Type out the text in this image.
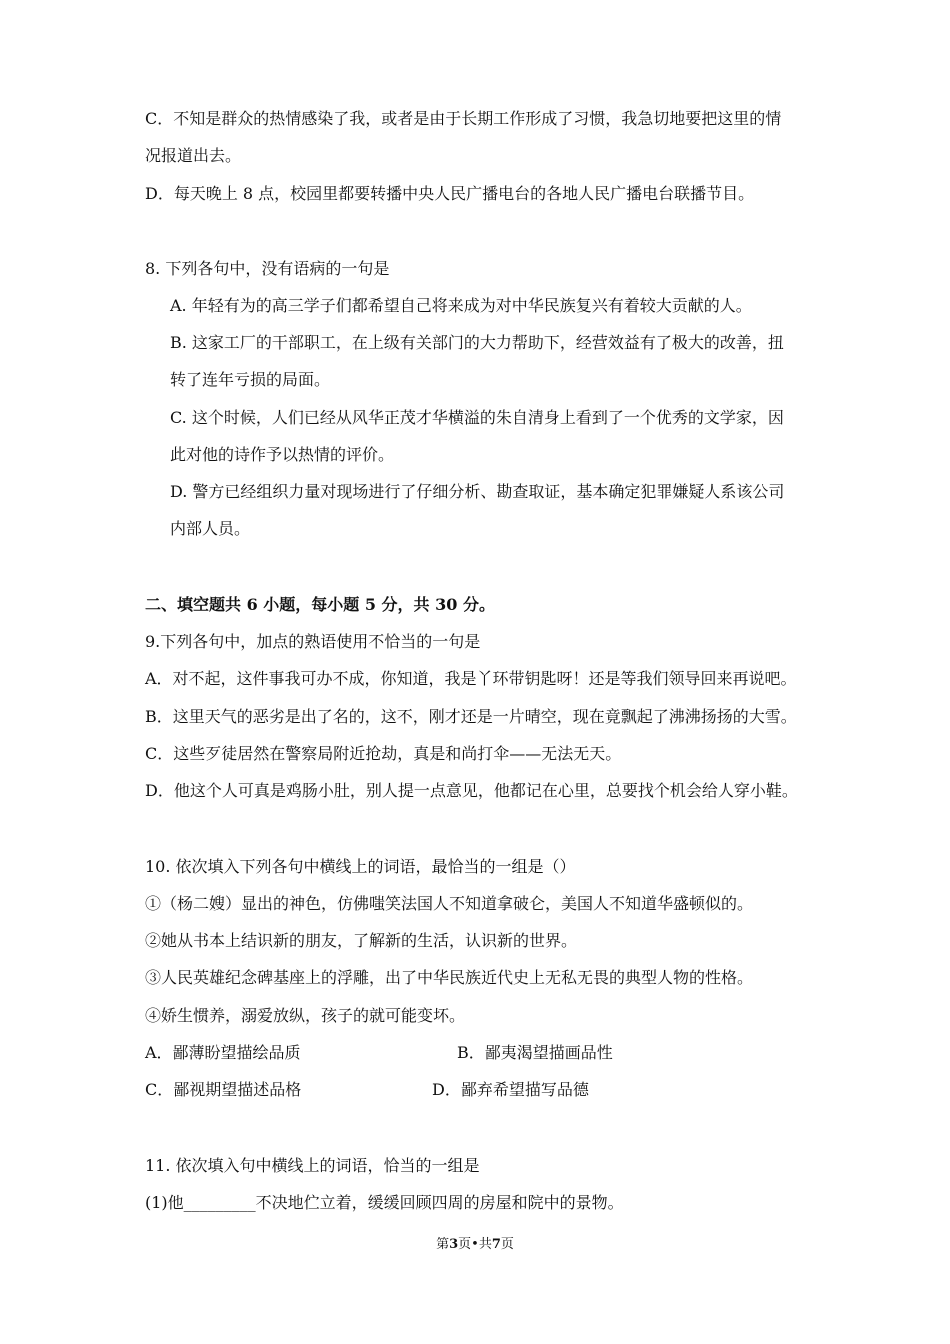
C．不知是群众的热情感染了我，或者是由于长期工作形成了习惯，我急切地要把这里的情
况报道出去。
D．每天晚上 8 点，校园里都要转播中央人民广播电台的各地人民广播电台联播节目。
8. 下列各句中，没有语病的一句是
A. 年轻有为的高三学子们都希望自己将来成为对中华民族复兴有着较大贡献的人。
B. 这家工厂的干部职工，在上级有关部门的大力帮助下，经营效益有了极大的改善，扭
转了连年亏损的局面。
C. 这个时候，人们已经从风华正茂才华横溢的朱自清身上看到了一个优秀的文学家，因
此对他的诗作予以热情的评价。
D. 警方已经组织力量对现场进行了仔细分析、勘查取证，基本确定犯罪嫌疑人系该公司
内部人员。
二、填空题共 6 小题，每小题 5 分，共 30 分。
9.下列各句中，加点的熟语使用不恰当的一句是
A．对不起，这件事我可办不成，你知道，我是丫环带钥匙呀！还是等我们领导回来再说吧。
B．这里天气的恶劣是出了名的，这不，刚才还是一片晴空，现在竟飘起了沸沸扬扬的大雪。
C．这些歹徒居然在警察局附近抢劫，真是和尚打伞——无法无天。
D．他这个人可真是鸡肠小肚，别人提一点意见，他都记在心里，总要找个机会给人穿小鞋。
10. 依次填入下列各句中横线上的词语，最恰当的一组是（）
①（杨二嫂）显出的神色，仿佛嗤笑法国人不知道拿破仑，美国人不知道华盛顿似的。
②她从书本上结识新的朋友，了解新的生活，认识新的世界。
③人民英雄纪念碑基座上的浮雕，出了中华民族近代史上无私无畏的典型人物的性格。
④娇生惯养，溺爱放纵，孩子的就可能变坏。
A．鄙薄盼望描绘品质	B．鄙夷渴望描画品性
C．鄙视期望描述品格	D．鄙弃希望描写品德
11. 依次填入句中横线上的词语，恰当的一组是
(1)他_________不决地伫立着，缓缓回顾四周的房屋和院中的景物。
第3页•共7页
